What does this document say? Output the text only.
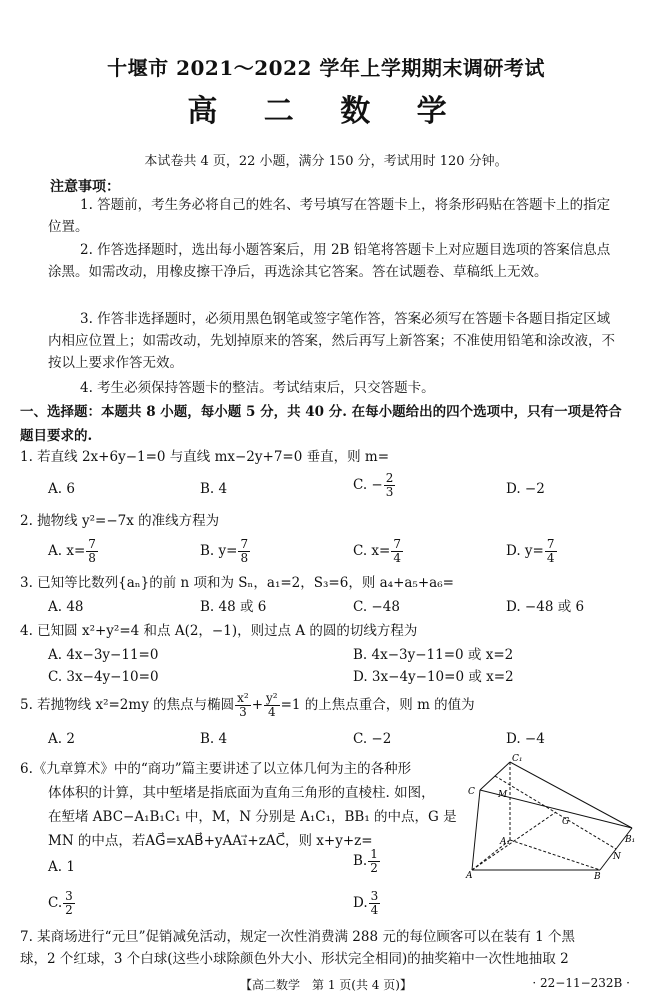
十堰市 2021～2022 学年上学期期末调研考试
高 二 数 学
本试卷共 4 页，22 小题，满分 150 分，考试用时 120 分钟。
注意事项：
1. 答题前，考生务必将自己的姓名、考号填写在答题卡上，将条形码贴在答题卡上的指定位置。
2. 作答选择题时，选出每小题答案后，用 2B 铅笔将答题卡上对应题目选项的答案信息点涂黑。如需改动，用橡皮擦干净后，再选涂其它答案。答在试题卷、草稿纸上无效。
3. 作答非选择题时，必须用黑色钢笔或签字笔作答，答案必须写在答题卡各题目指定区域内相应位置上；如需改动，先划掉原来的答案，然后再写上新答案；不准使用铅笔和涂改液，不按以上要求作答无效。
4. 考生必须保持答题卡的整洁。考试结束后，只交答题卡。
一、选择题：本题共 8 小题，每小题 5 分，共 40 分. 在每小题给出的四个选项中，只有一项是符合题目要求的.
1. 若直线 2x+6y−1=0 与直线 mx−2y+7=0 垂直，则 m=
A. 6	B. 4	C. − $\frac{2}{3}$	D. −2
2. 抛物线 y²=−7x 的准线方程为
A. $x= \frac{7}{8}$	B. $y= \frac{7}{8}$	C. $x= \frac{7}{4}$	D. $y= \frac{7}{4}$
3. 已知等比数列{aₙ}的前 n 项和为 Sₙ，a₁=2，S₃=6，则 a₄+a₅+a₆=
A. 48	B. 48 或 6	C. −48	D. −48 或 6
4. 已知圆 x²+y²=4 和点 A(2，−1)，则过点 A 的圆的切线方程为
A. 4x−3y−11=0	B. 4x−3y−11=0 或 x=2
C. 3x−4y−10=0	D. 3x−4y−10=0 或 x=2
5. 若抛物线 x²=2my 的焦点与椭圆 $\frac{\text{x²}}{3} + \frac{\text{y²}}{4} =1$ 的上焦点重合，则 m 的值为
A. 2	B. 4	C. −2	D. −4
6.《九章算术》中的“商功”篇主要讲述了以立体几何为主的各种形
体体积的计算，其中堑堵是指底面为直角三角形的直棱柱. 如图，
在堑堵 ABC−A₁B₁C₁ 中，M，N 分别是 A₁C₁，BB₁ 的中点，G 是
MN 的中点，若AG⃗=xAB⃗+yAA₁⃗+zAC⃗，则 x+y+z=
A. 1	B. $\frac{1}{2}$
C. $\frac{3}{2}$	D. $\frac{3}{4}$
C₁
C	M
G
B₁
A₁
N
A	B
7. 某商场进行“元旦”促销减免活动，规定一次性消费满 288 元的每位顾客可以在装有 1 个黑
球，2 个红球，3 个白球(这些小球除颜色外大小、形状完全相同)的抽奖箱中一次性地抽取 2
【高二数学　第 1 页(共 4 页)】	· 22−11−232B ·
